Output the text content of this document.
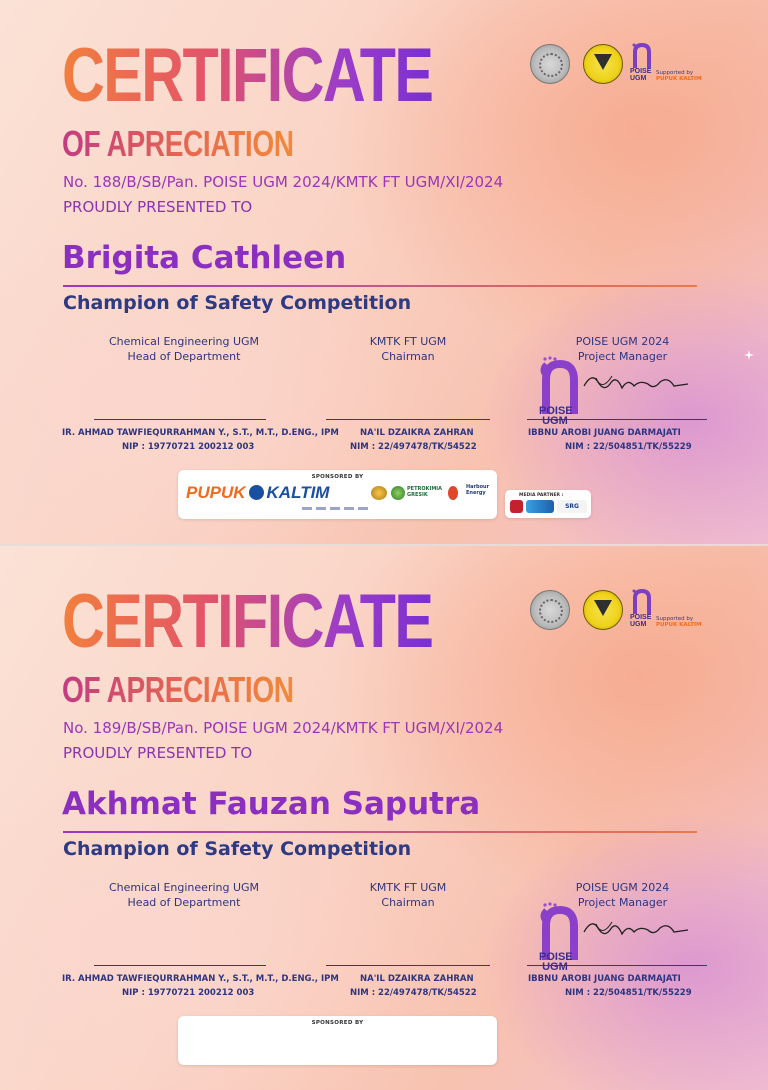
CERTIFICATE
OF APRECIATION
POISE
UGM
Supported by
PUPUK KALTIM
No. 188/B/SB/Pan. POISE UGM 2024/KMTK FT UGM/XI/2024
PROUDLY PRESENTED TO
Brigita Cathleen
Champion of Safety Competition
Chemical Engineering UGM
Head of Department
IR. AHMAD TAWFIEQURRAHMAN Y., S.T., M.T., D.ENG., IPM
NIP : 19770721 200212 003
KMTK FT UGM
Chairman
NA'IL DZAIKRA ZAHRAN
NIM : 22/497478/TK/54522
POISE UGM 2024
Project Manager
IBBNU AROBI JUANG DARMAJATI
NIM : 22/504851/TK/55229
POISE
UGM
SPONSORED BY
PUPUK KALTIM	PETROKIMIA GRESIK
Harbour Energy	MEDIA PARTNER :
SRG
CERTIFICATE
OF APRECIATION
POISE
UGM
Supported by
PUPUK KALTIM
No. 189/B/SB/Pan. POISE UGM 2024/KMTK FT UGM/XI/2024
PROUDLY PRESENTED TO
Akhmat Fauzan Saputra
Champion of Safety Competition
Chemical Engineering UGM
Head of Department
IR. AHMAD TAWFIEQURRAHMAN Y., S.T., M.T., D.ENG., IPM
NIP : 19770721 200212 003
KMTK FT UGM
Chairman
NA'IL DZAIKRA ZAHRAN
NIM : 22/497478/TK/54522
POISE UGM 2024
Project Manager
IBBNU AROBI JUANG DARMAJATI
NIM : 22/504851/TK/55229
POISE
UGM
SPONSORED BY
